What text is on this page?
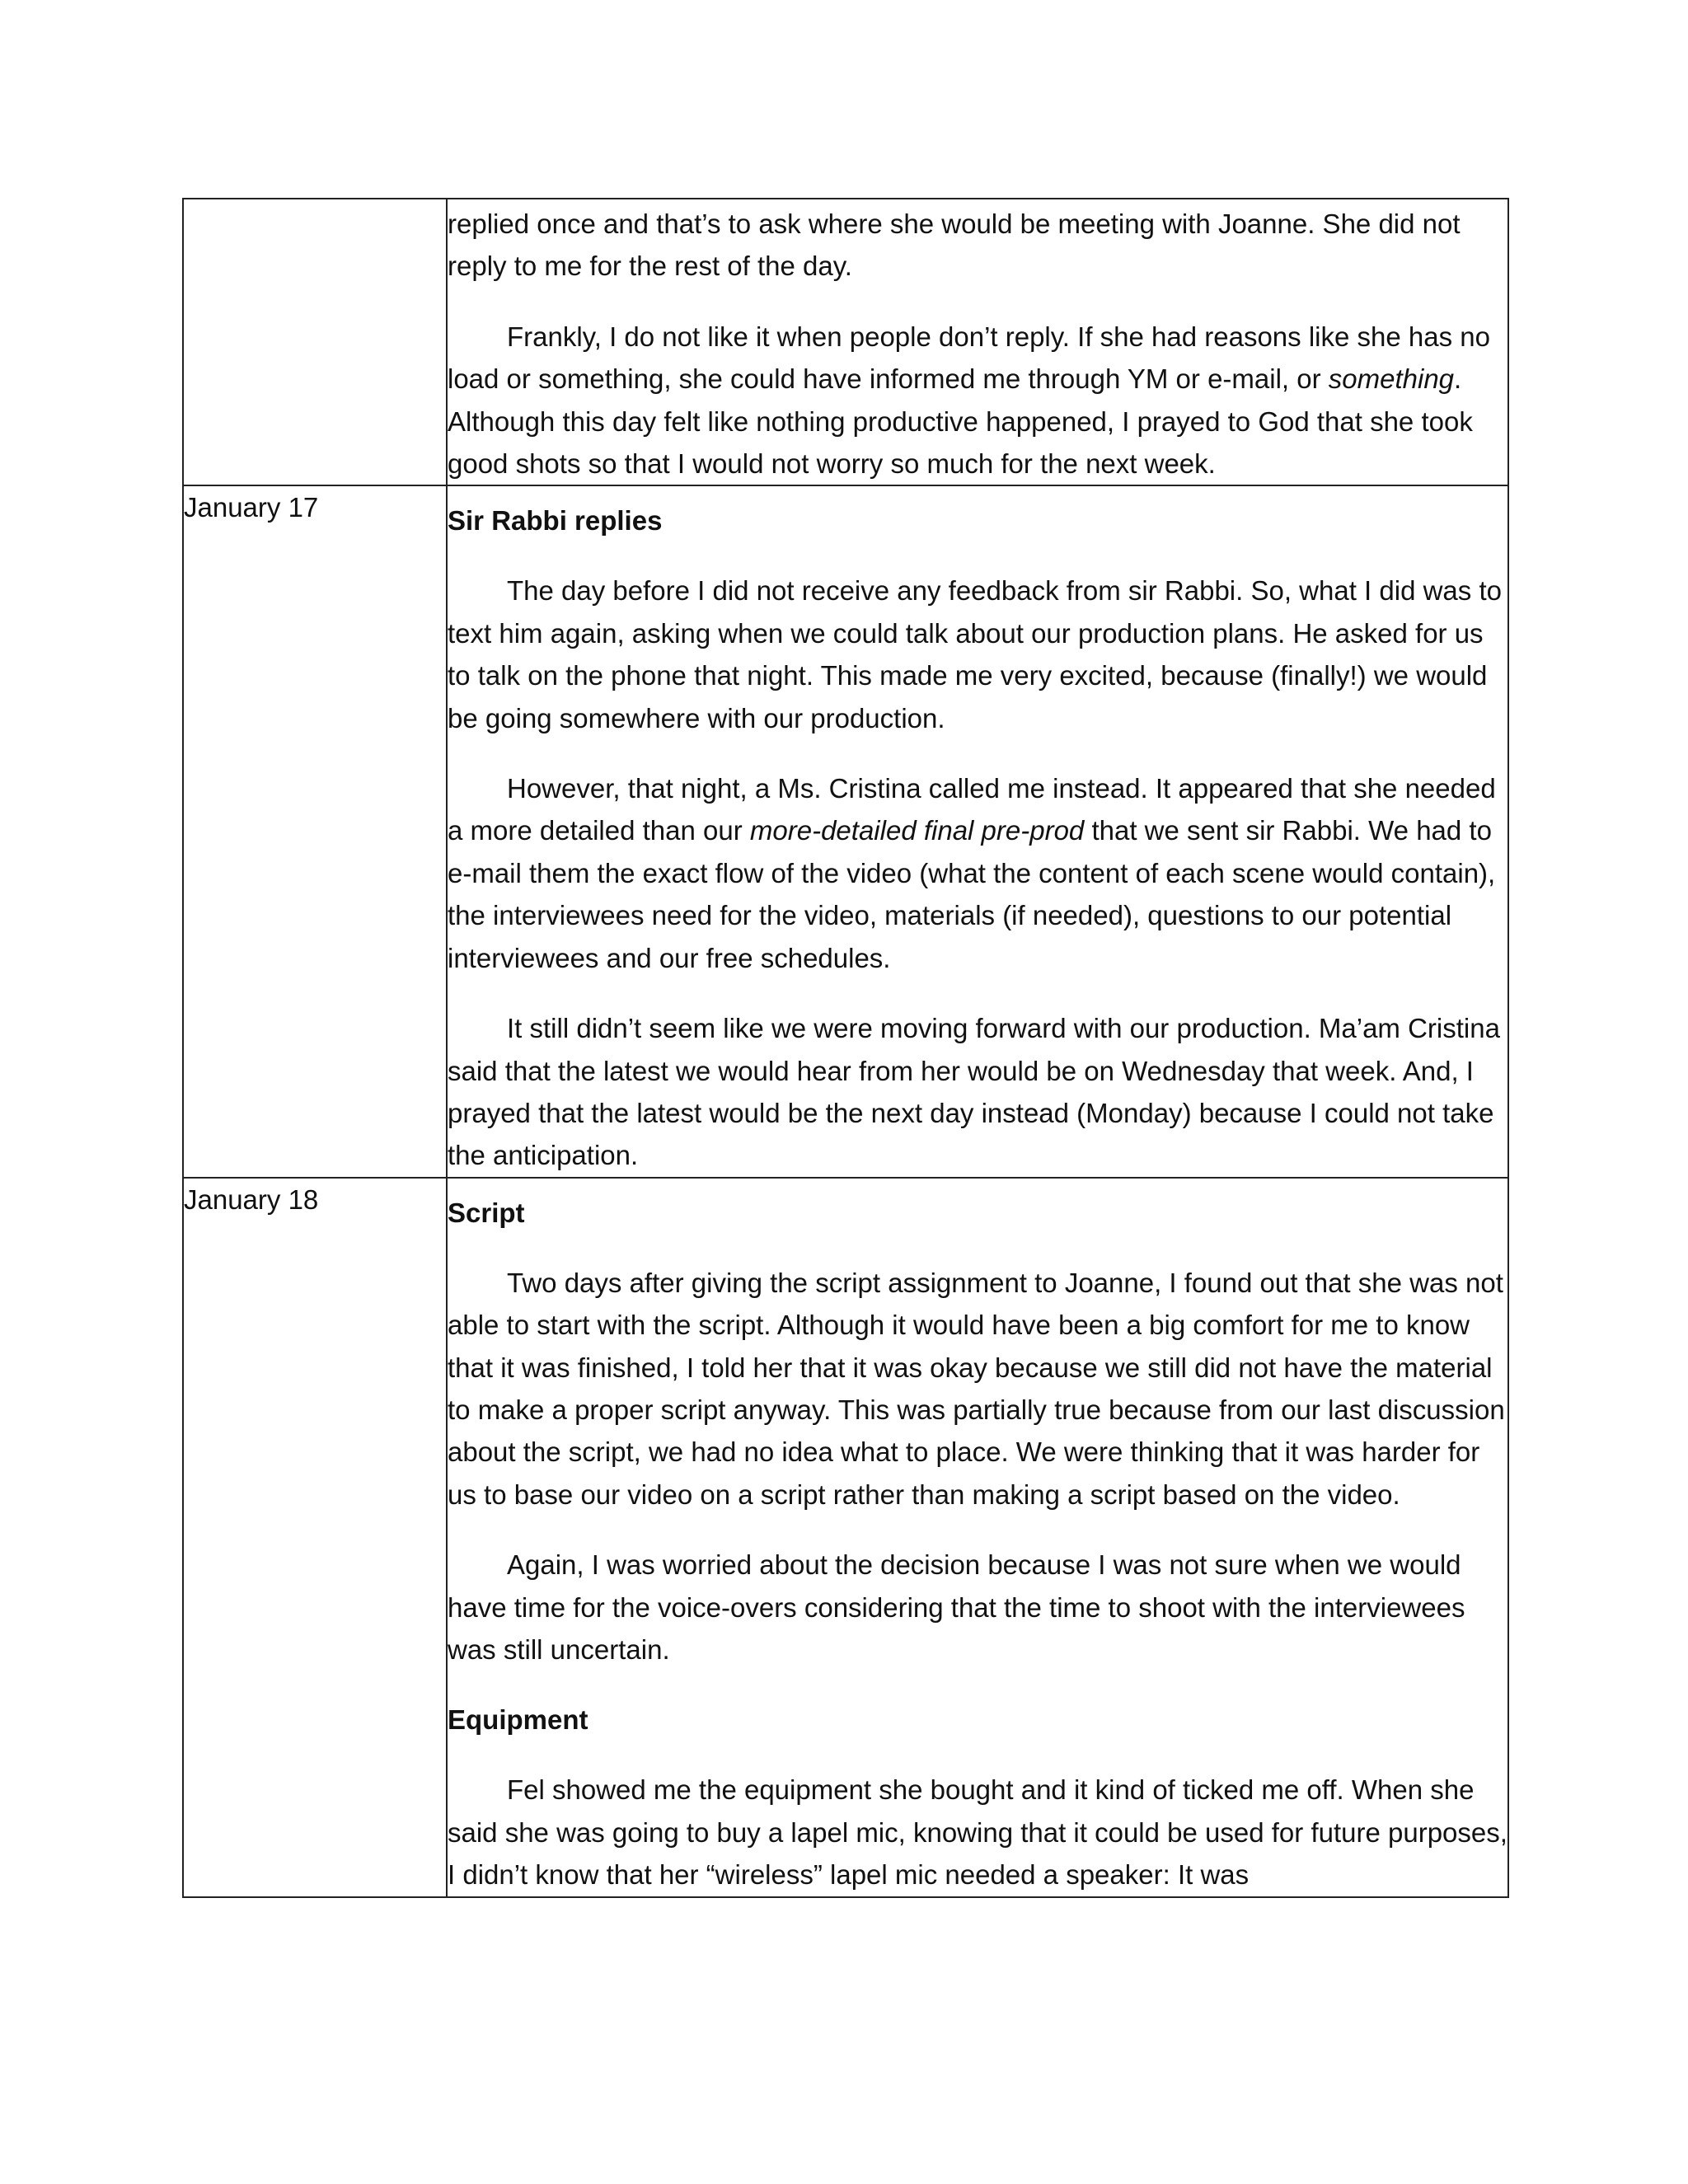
	replied once and that’s to ask where she would be meeting with Joanne. She did not reply to me for the rest of the day.

Frankly, I do not like it when people don’t reply. If she had reasons like she has no load or something, she could have informed me through YM or e-mail, or something. Although this day felt like nothing productive happened, I prayed to God that she took good shots so that I would not worry so much for the next week.

January 17	Sir Rabbi replies

The day before I did not receive any feedback from sir Rabbi. So, what I did was to text him again, asking when we could talk about our production plans. He asked for us to talk on the phone that night. This made me very excited, because (finally!) we would be going somewhere with our production.

However, that night, a Ms. Cristina called me instead. It appeared that she needed a more detailed than our more-detailed final pre-prod that we sent sir Rabbi. We had to e-mail them the exact flow of the video (what the content of each scene would contain), the interviewees need for the video, materials (if needed), questions to our potential interviewees and our free schedules.

It still didn’t seem like we were moving forward with our production. Ma’am Cristina said that the latest we would hear from her would be on Wednesday that week. And, I prayed that the latest would be the next day instead (Monday) because I could not take the anticipation.

January 18	Script

Two days after giving the script assignment to Joanne, I found out that she was not able to start with the script. Although it would have been a big comfort for me to know that it was finished, I told her that it was okay because we still did not have the material to make a proper script anyway. This was partially true because from our last discussion about the script, we had no idea what to place. We were thinking that it was harder for us to base our video on a script rather than making a script based on the video.

Again, I was worried about the decision because I was not sure when we would have time for the voice-overs considering that the time to shoot with the interviewees was still uncertain.

Equipment

Fel showed me the equipment she bought and it kind of ticked me off. When she said she was going to buy a lapel mic, knowing that it could be used for future purposes, I didn’t know that her “wireless” lapel mic needed a speaker: It was
